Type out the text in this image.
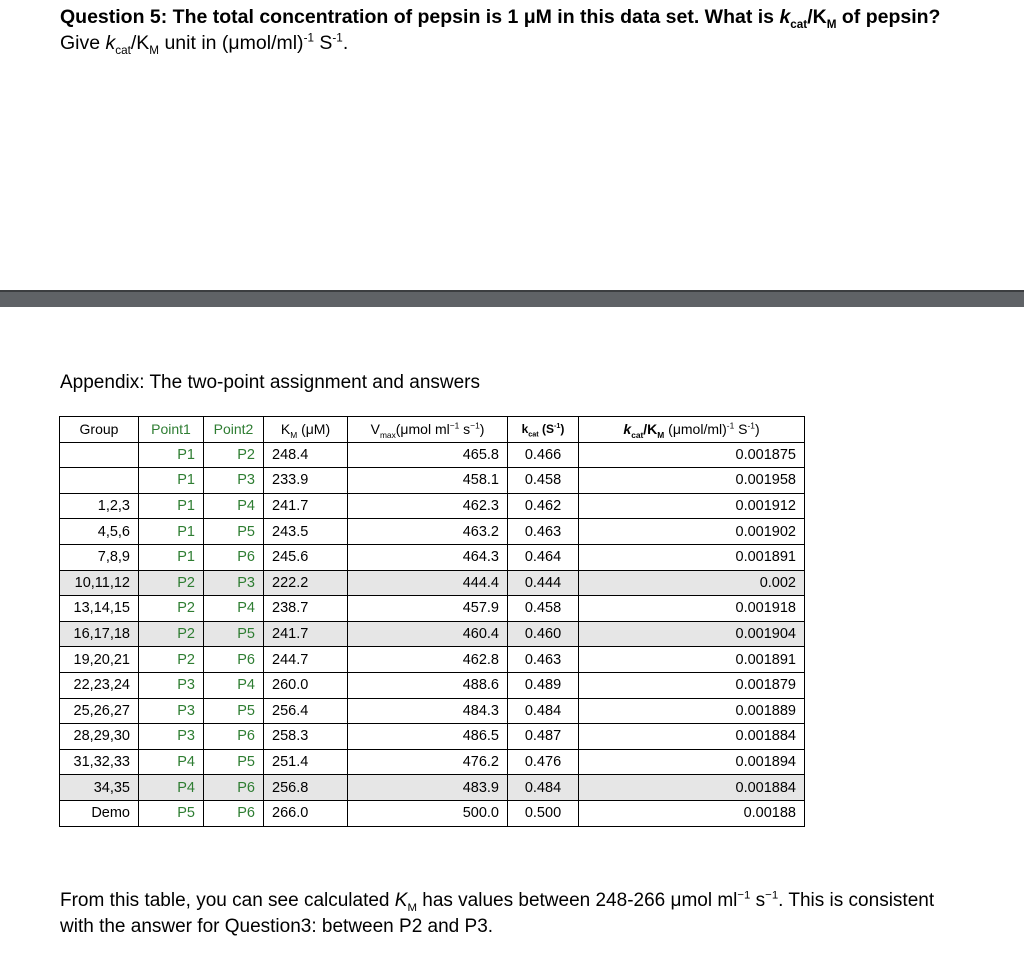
Question 5: The total concentration of pepsin is 1 μM in this data set. What is $k_{cat}/K_M$ of pepsin? Give $k_{cat}/K_M$ unit in $(\mu mol/ml)^{-1}$ $S^{-1}$.
Appendix: The two-point assignment and answers
Group	Point1	Point2	$K_M$ (μM)	$V_{max}(\mu mol$ $ml^{-1}$ $s^{-1}$)	$k_{cat}$ $(S^{-1})$	$k_{cat}/K_M$ $(\mu mol/ml)^{-1}$ $S^{-1}$)
	P1	P2	248.4	465.8	0.466	0.001875
	P1	P3	233.9	458.1	0.458	0.001958
1,2,3	P1	P4	241.7	462.3	0.462	0.001912
4,5,6	P1	P5	243.5	463.2	0.463	0.001902
7,8,9	P1	P6	245.6	464.3	0.464	0.001891
10,11,12	P2	P3	222.2	444.4	0.444	0.002
13,14,15	P2	P4	238.7	457.9	0.458	0.001918
16,17,18	P2	P5	241.7	460.4	0.460	0.001904
19,20,21	P2	P6	244.7	462.8	0.463	0.001891
22,23,24	P3	P4	260.0	488.6	0.489	0.001879
25,26,27	P3	P5	256.4	484.3	0.484	0.001889
28,29,30	P3	P6	258.3	486.5	0.487	0.001884
31,32,33	P4	P5	251.4	476.2	0.476	0.001894
34,35	P4	P6	256.8	483.9	0.484	0.001884
Demo	P5	P6	266.0	500.0	0.500	0.00188
From this table, you can see calculated $K_M$ has values between 248-266 μmol $ml^{-1}$ $s^{-1}$. This is consistent with the answer for Question3: between P2 and P3.
